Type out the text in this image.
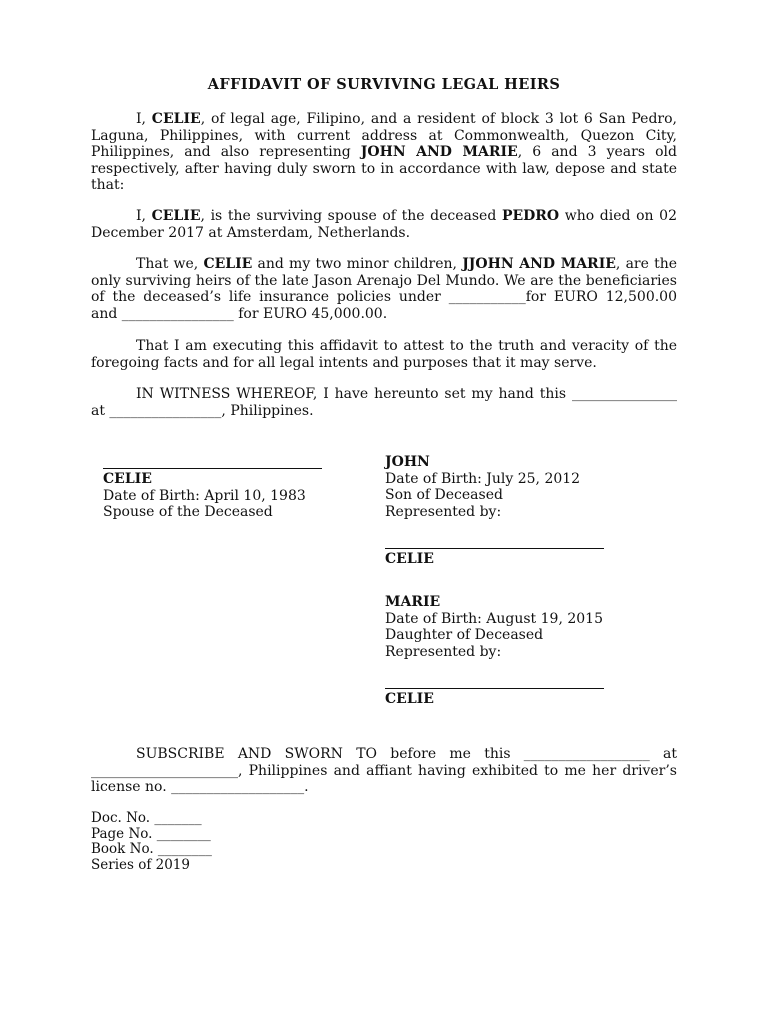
AFFIDAVIT OF SURVIVING LEGAL HEIRS
I, CELIE, of legal age, Filipino, and a resident of block 3 lot 6 San Pedro, Laguna, Philippines, with current address at Commonwealth, Quezon City, Philippines, and also representing JOHN AND MARIE, 6 and 3 years old respectively, after having duly sworn to in accordance with law, depose and state that:
I, CELIE, is the surviving spouse of the deceased PEDRO who died on 02 December 2017 at Amsterdam, Netherlands.
That we, CELIE and my two minor children, JJOHN AND MARIE, are the only surviving heirs of the late Jason Arenajo Del Mundo. We are the beneficiaries of the deceased’s life insurance policies under ___________for EURO 12,500.00 and ________________ for EURO 45,000.00.
That I am executing this affidavit to attest to the truth and veracity of the foregoing facts and for all legal intents and purposes that it may serve.
IN WITNESS WHEREOF, I have hereunto set my hand this _______________ at ________________, Philippines.
CELIE
Date of Birth: April 10, 1983
Spouse of the Deceased
JOHN
Date of Birth: July 25, 2012
Son of Deceased
Represented by:
CELIE
MARIE
Date of Birth: August 19, 2015
Daughter of Deceased
Represented by:
CELIE
SUBSCRIBE AND SWORN TO before me this __________________ at _____________________, Philippines and affiant having exhibited to me her driver’s license no. ___________________.
Doc. No. _______
Page No. ________
Book No. ________
Series of 2019
